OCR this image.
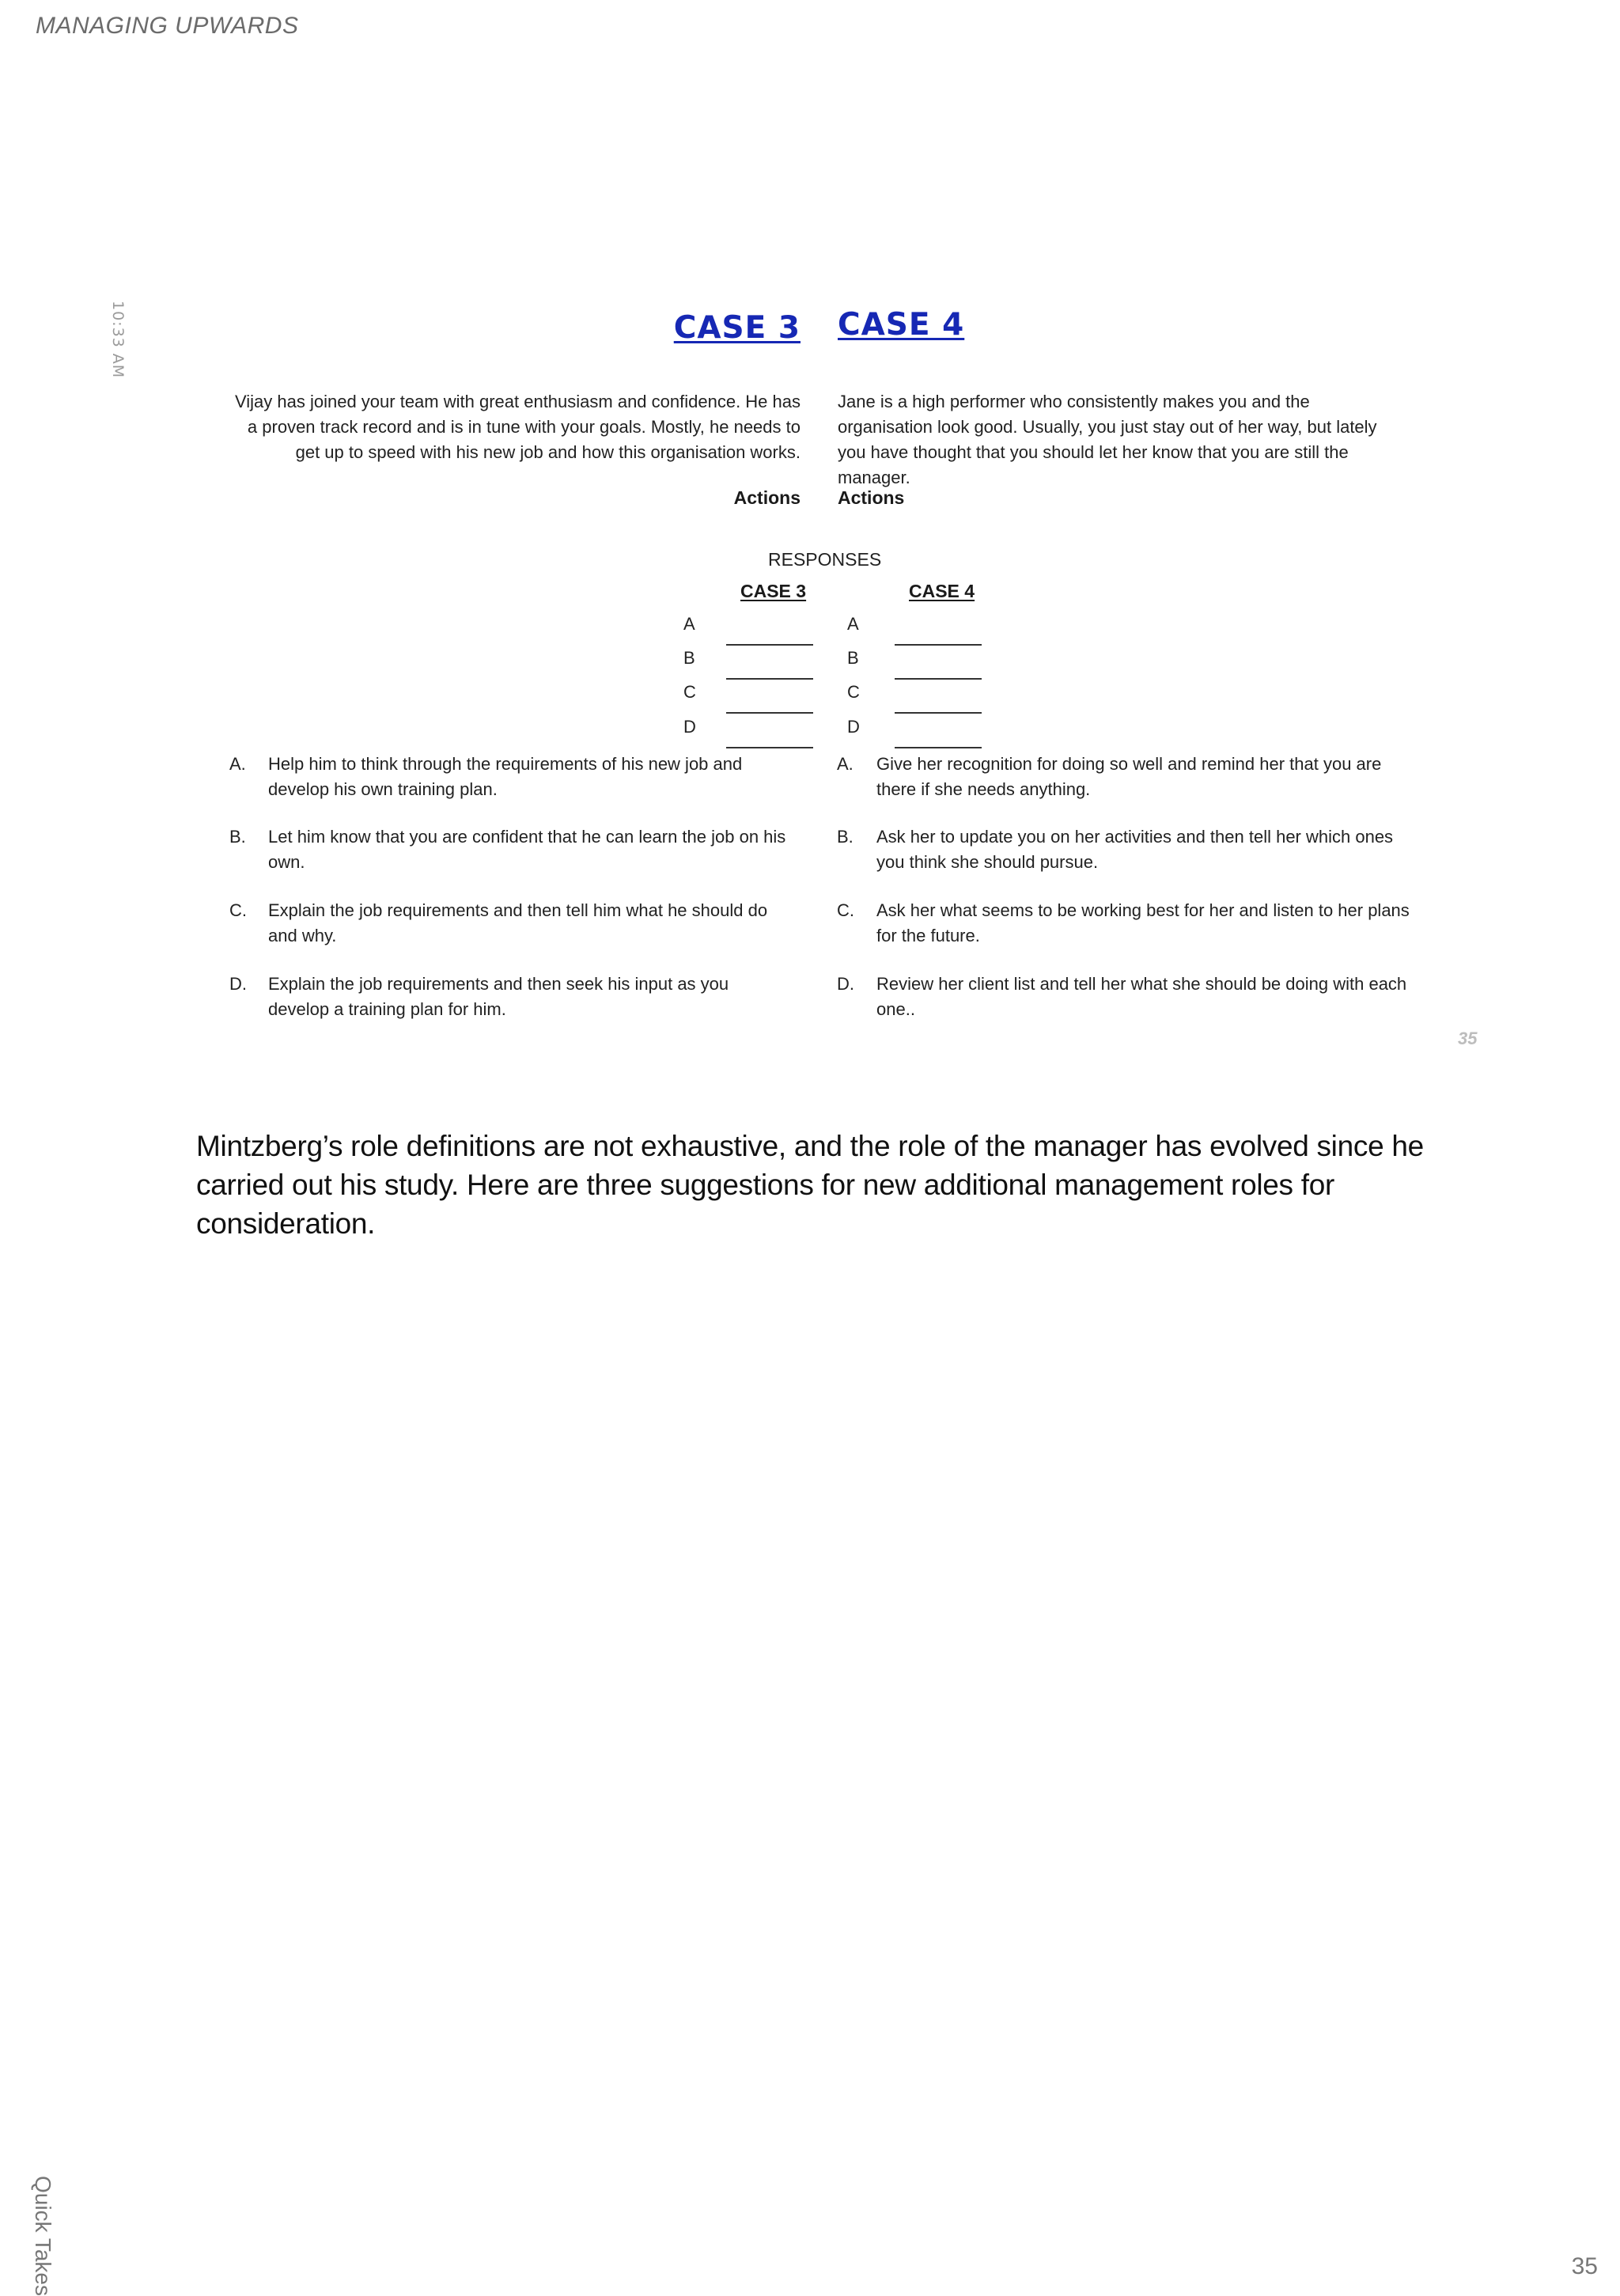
MANAGING UPWARDS
10:33 AM	CASE 3 CASE 4
Vijay has joined your team with great enthusiasm and confidence. He has a proven track record and is in tune with your goals. Mostly, he needs to get up to speed with his new job and how this organisation works.
Jane is a high performer who consistently makes you and the organisation look good. Usually, you just stay out of her way, but lately you have thought that you should let her know that you are still the manager.
Actions Actions
RESPONSES
CASE 3	CASE 4
A
B
C
D
A
B
C
D
A.	Help him to think through the requirements of his new job and develop his own training plan.
B.	Let him know that you are confident that he can learn the job on his own.
C.	Explain the job requirements and then tell him what he should do and why.
D.	Explain the job requirements and then seek his input as you develop a training plan for him.
A.	Give her recognition for doing so well and remind her that you are there if she needs anything.
B.	Ask her to update you on her activities and then tell her which ones you think she should pursue.
C.	Ask her what seems to be working best for her and listen to her plans for the future.
D.	Review her client list and tell her what she should be doing with each one..
35
Mintzberg’s role definitions are not exhaustive, and the role of the manager has evolved since he carried out his study. Here are three suggestions for new additional management roles for consideration.
Quick Takes	35
